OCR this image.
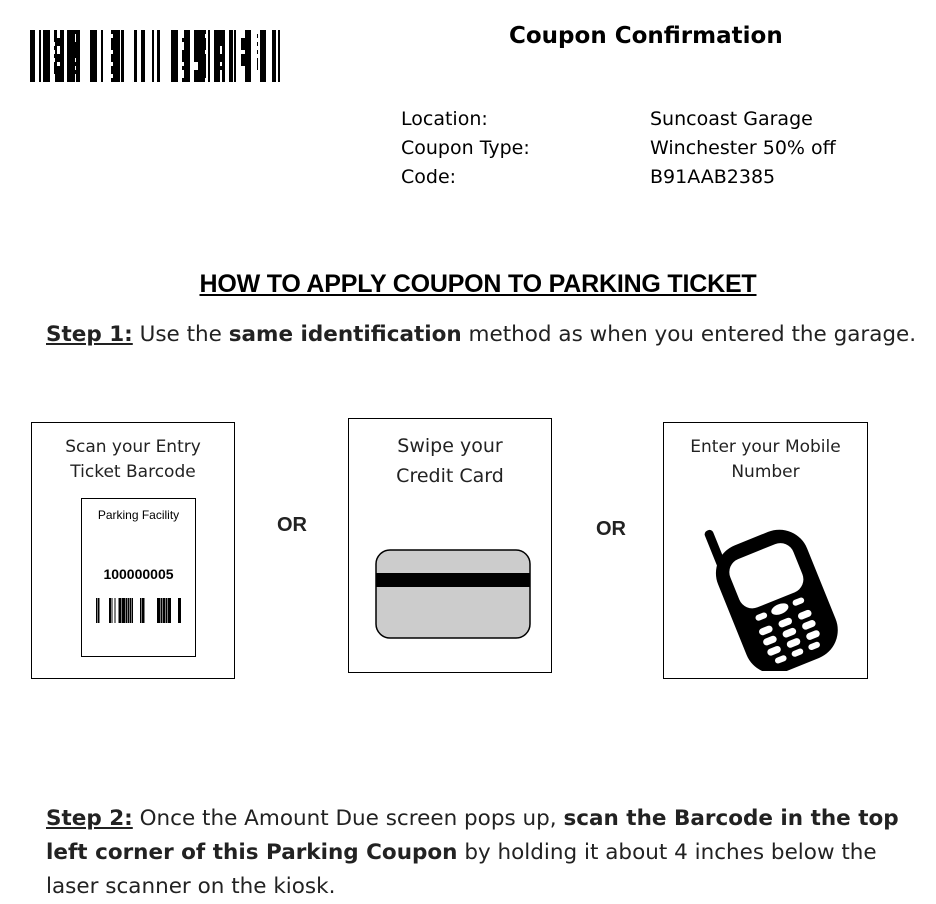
Coupon Confirmation
Location:	Suncoast Garage
Coupon Type:	Winchester 50% off
Code:	B91AAB2385
HOW TO APPLY COUPON TO PARKING TICKET
Step 1: Use the same identification method as when you entered the garage.
Scan your Entry
Ticket Barcode
Parking Facility
100000005
OR
Swipe your
Credit Card
OR
Enter your Mobile
Number
Step 2: Once the Amount Due screen pops up, scan the Barcode in the top left corner of this Parking Coupon by holding it about 4 inches below the laser scanner on the kiosk.
